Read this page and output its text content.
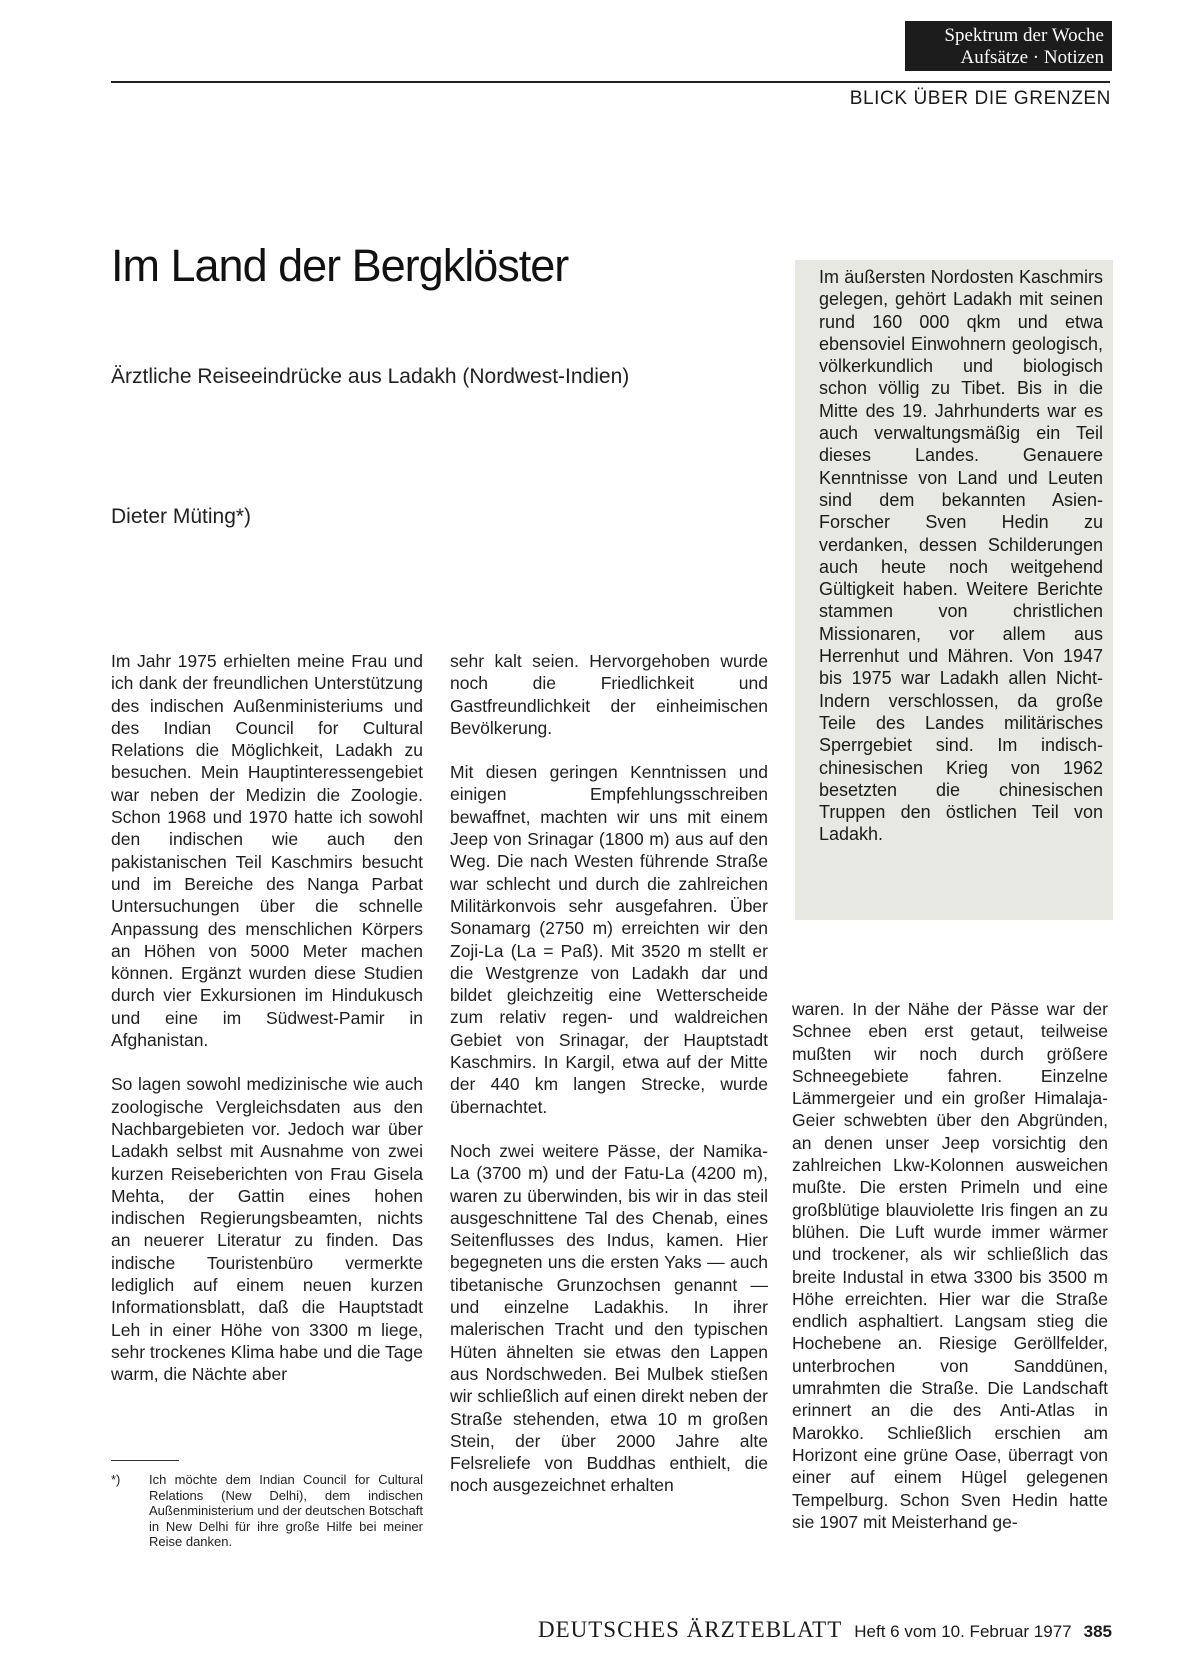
Spektrum der Woche
Aufsätze · Notizen
BLICK ÜBER DIE GRENZEN
Im Land der Bergklöster
Ärztliche Reiseeindrücke aus Ladakh (Nordwest-Indien)
Dieter Müting*)
Im äußersten Nordosten Kaschmirs gelegen, gehört Ladakh mit seinen rund 160 000 qkm und etwa ebensoviel Einwohnern geologisch, völkerkundlich und biologisch schon völlig zu Tibet. Bis in die Mitte des 19. Jahrhunderts war es auch verwaltungsmäßig ein Teil dieses Landes. Genauere Kenntnisse von Land und Leuten sind dem bekannten Asien-Forscher Sven Hedin zu verdanken, dessen Schilderungen auch heute noch weitgehend Gültigkeit haben. Weitere Berichte stammen von christlichen Missionaren, vor allem aus Herrenhut und Mähren. Von 1947 bis 1975 war Ladakh allen Nicht-Indern verschlossen, da große Teile des Landes militärisches Sperrgebiet sind. Im indisch-chinesischen Krieg von 1962 besetzten die chinesischen Truppen den östlichen Teil von Ladakh.

Im Jahr 1975 erhielten meine Frau und ich dank der freundlichen Unterstützung des indischen Außenministeriums und des Indian Council for Cultural Relations die Möglichkeit, Ladakh zu besuchen. Mein Hauptinteressengebiet war neben der Medizin die Zoologie. Schon 1968 und 1970 hatte ich sowohl den indischen wie auch den pakistanischen Teil Kaschmirs besucht und im Bereiche des Nanga Parbat Untersuchungen über die schnelle Anpassung des menschlichen Körpers an Höhen von 5000 Meter machen können. Ergänzt wurden diese Studien durch vier Exkursionen im Hindukusch und eine im Südwest-Pamir in Afghanistan.

So lagen sowohl medizinische wie auch zoologische Vergleichsdaten aus den Nachbargebieten vor. Jedoch war über Ladakh selbst mit Ausnahme von zwei kurzen Reiseberichten von Frau Gisela Mehta, der Gattin eines hohen indischen Regierungsbeamten, nichts an neuerer Literatur zu finden. Das indische Touristenbüro vermerkte lediglich auf einem neuen kurzen Informationsblatt, daß die Hauptstadt Leh in einer Höhe von 3300 m liege, sehr trockenes Klima habe und die Tage warm, die Nächte aber

sehr kalt seien. Hervorgehoben wurde noch die Friedlichkeit und Gastfreundlichkeit der einheimischen Bevölkerung.

Mit diesen geringen Kenntnissen und einigen Empfehlungsschreiben bewaffnet, machten wir uns mit einem Jeep von Srinagar (1800 m) aus auf den Weg. Die nach Westen führende Straße war schlecht und durch die zahlreichen Militärkonvois sehr ausgefahren. Über Sonamarg (2750 m) erreichten wir den Zoji-La (La = Paß). Mit 3520 m stellt er die Westgrenze von Ladakh dar und bildet gleichzeitig eine Wetterscheide zum relativ regen- und waldreichen Gebiet von Srinagar, der Hauptstadt Kaschmirs. In Kargil, etwa auf der Mitte der 440 km langen Strecke, wurde übernachtet.

Noch zwei weitere Pässe, der Namika-La (3700 m) und der Fatu-La (4200 m), waren zu überwinden, bis wir in das steil ausgeschnittene Tal des Chenab, eines Seitenflusses des Indus, kamen. Hier begegneten uns die ersten Yaks — auch tibetanische Grunzochsen genannt — und einzelne Ladakhis. In ihrer malerischen Tracht und den typischen Hüten ähnelten sie etwas den Lappen aus Nordschweden. Bei Mulbek stießen wir schließlich auf einen direkt neben der Straße stehenden, etwa 10 m großen Stein, der über 2000 Jahre alte Felsreliefe von Buddhas enthielt, die noch ausgezeichnet erhalten

waren. In der Nähe der Pässe war der Schnee eben erst getaut, teilweise mußten wir noch durch größere Schneegebiete fahren. Einzelne Lämmergeier und ein großer Himalaja-Geier schwebten über den Abgründen, an denen unser Jeep vorsichtig den zahlreichen Lkw-Kolonnen ausweichen mußte. Die ersten Primeln und eine großblütige blauviolette Iris fingen an zu blühen. Die Luft wurde immer wärmer und trockener, als wir schließlich das breite Industal in etwa 3300 bis 3500 m Höhe erreichten. Hier war die Straße endlich asphaltiert. Langsam stieg die Hochebene an. Riesige Geröllfelder, unterbrochen von Sanddünen, umrahmten die Straße. Die Landschaft erinnert an die des Anti-Atlas in Marokko. Schließlich erschien am Horizont eine grüne Oase, überragt von einer auf einem Hügel gelegenen Tempelburg. Schon Sven Hedin hatte sie 1907 mit Meisterhand ge-

*)	Ich möchte dem Indian Council for Cultural Relations (New Delhi), dem indischen Außenministerium und der deutschen Botschaft in New Delhi für ihre große Hilfe bei meiner Reise danken.
DEUTSCHES ÄRZTEBLATT Heft 6 vom 10. Februar 1977 385
